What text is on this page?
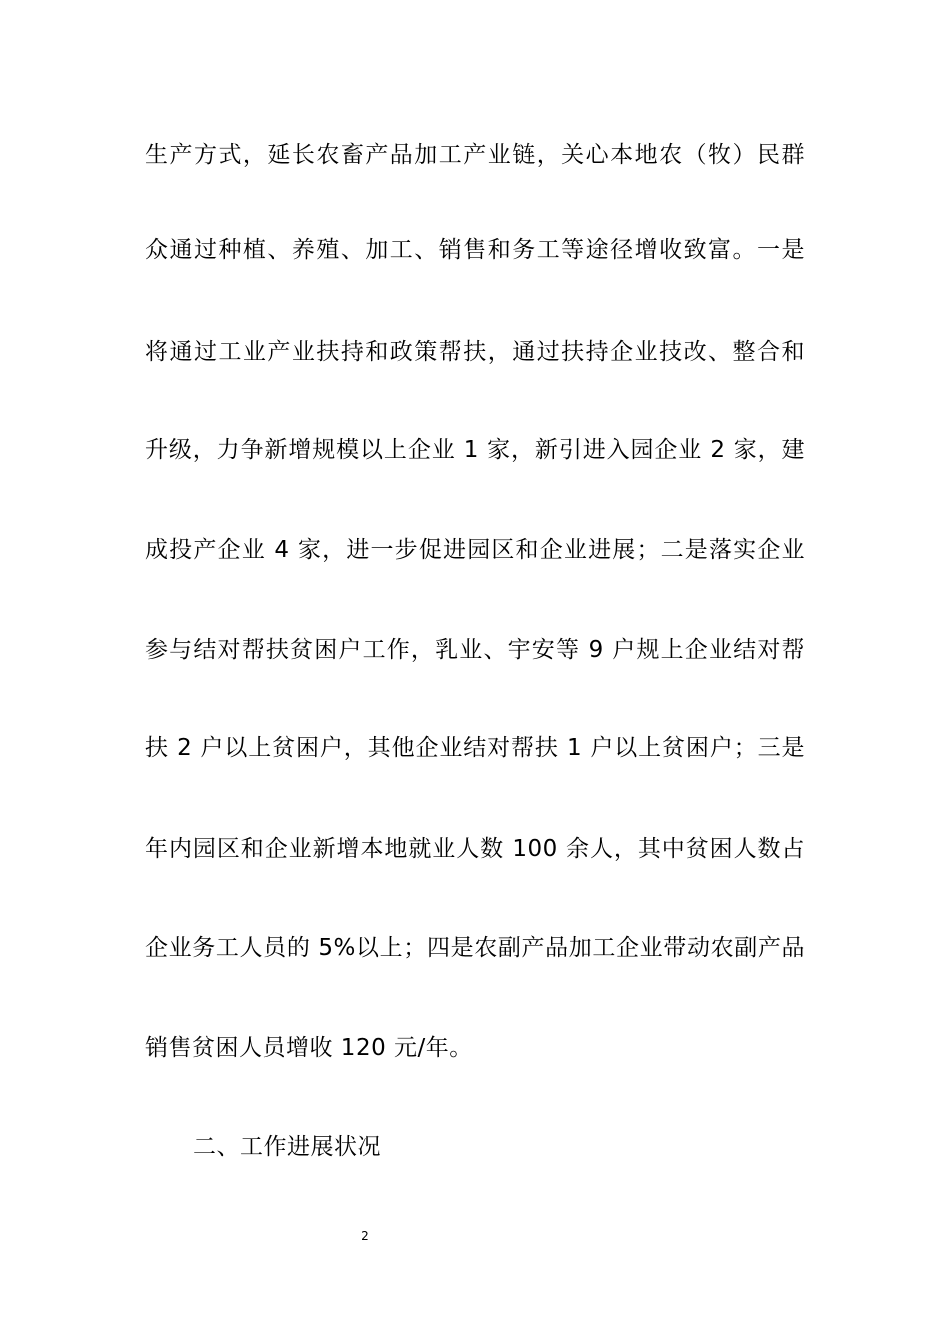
生产方式，延长农畜产品加工产业链，关心本地农（牧）民群
众通过种植、养殖、加工、销售和务工等途径增收致富。一是
将通过工业产业扶持和政策帮扶，通过扶持企业技改、整合和
升级，力争新增规模以上企业 1 家，新引进入园企业 2 家，建
成投产企业 4 家，进一步促进园区和企业进展；二是落实企业
参与结对帮扶贫困户工作，乳业、宇安等 9 户规上企业结对帮
扶 2 户以上贫困户，其他企业结对帮扶 1 户以上贫困户；三是
年内园区和企业新增本地就业人数 100 余人，其中贫困人数占
企业务工人员的 5%以上；四是农副产品加工企业带动农副产品
销售贫困人员增收 120 元/年。
二、工作进展状况
2
